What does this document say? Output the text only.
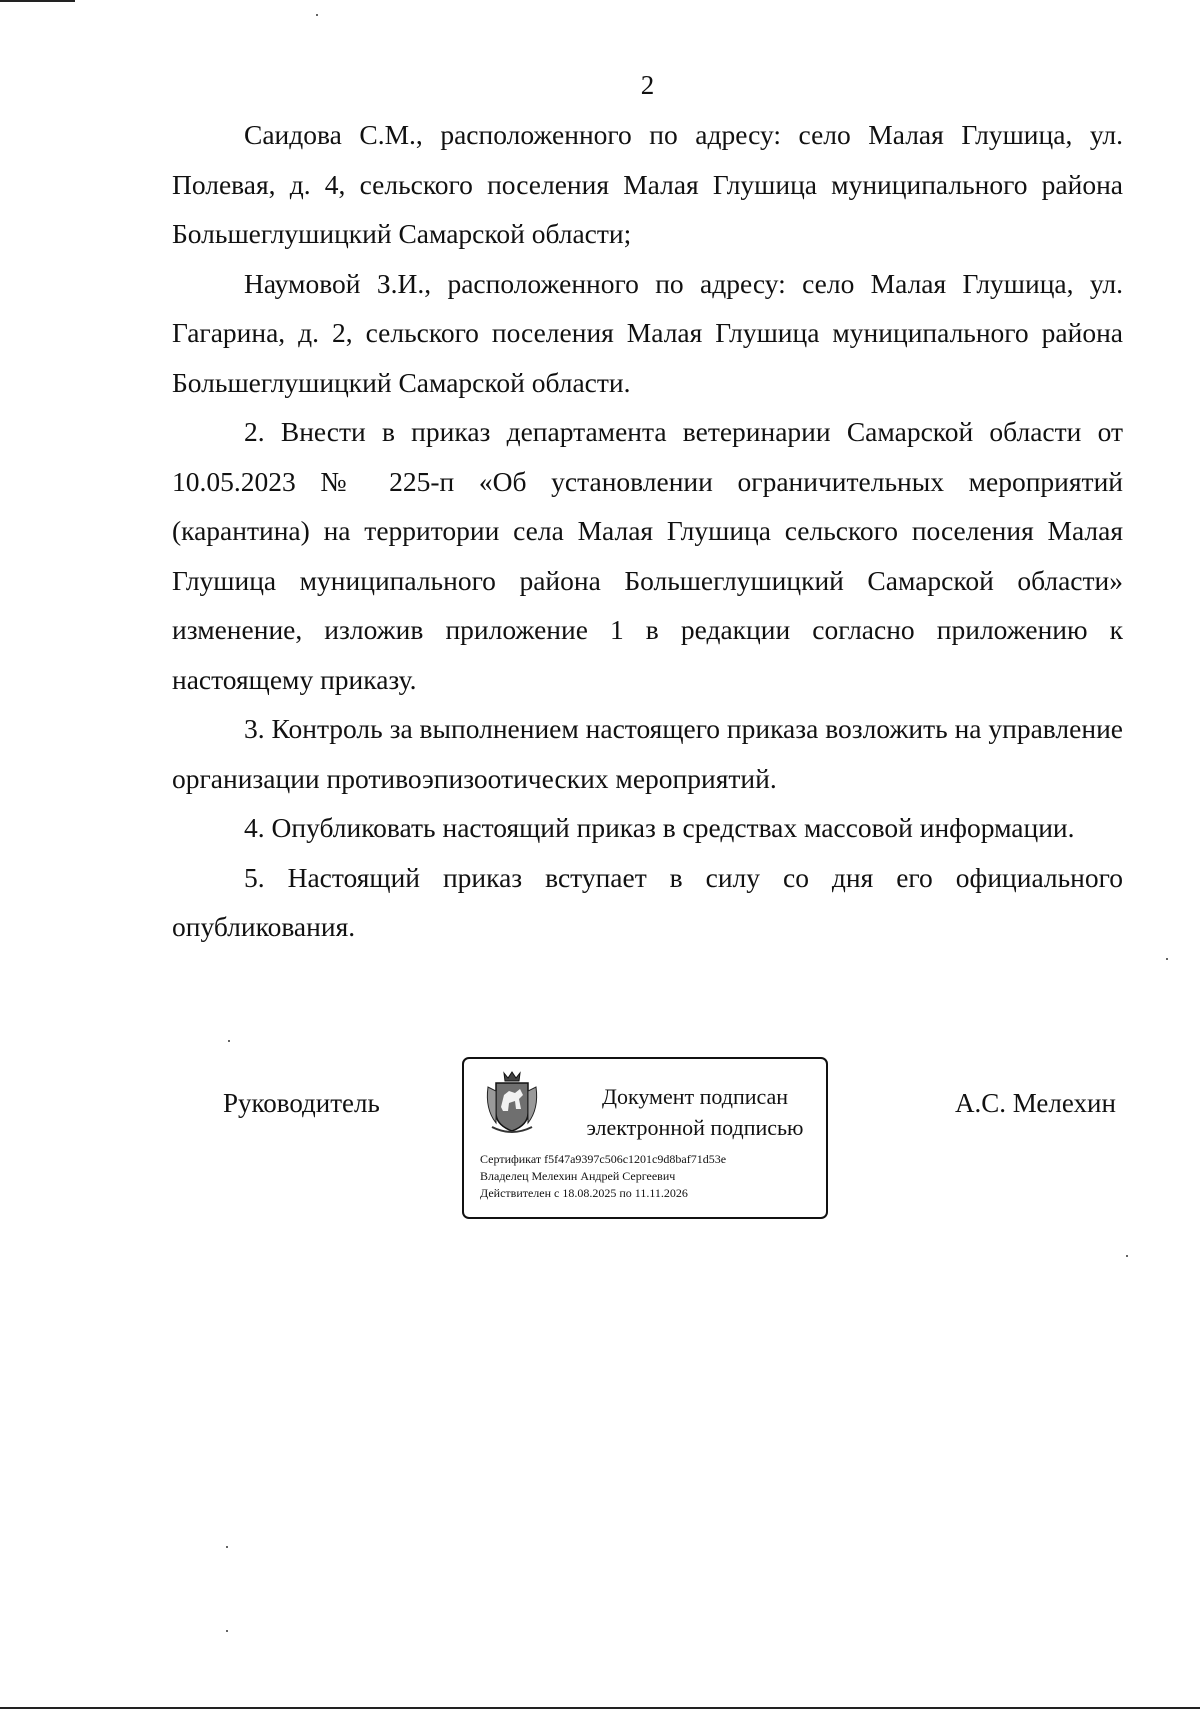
2

Саидова С.М., расположенного по адресу: село Малая Глушица, ул. Полевая, д. 4, сельского поселения Малая Глушица муниципального района Большеглушицкий Самарской области;

Наумовой З.И., расположенного по адресу: село Малая Глушица, ул. Гагарина, д. 2, сельского поселения Малая Глушица муниципального района Большеглушицкий Самарской области.

2. Внести в приказ департамента ветеринарии Самарской области от 10.05.2023 № 225-п «Об установлении ограничительных мероприятий (карантина) на территории села Малая Глушица сельского поселения Малая Глушица муниципального района Большеглушицкий Самарской области» изменение, изложив приложение 1 в редакции согласно приложению к настоящему приказу.

3. Контроль за выполнением настоящего приказа возложить на управление организации противоэпизоотических мероприятий.

4. Опубликовать настоящий приказ в средствах массовой информации.

5. Настоящий приказ вступает в силу со дня его официального опубликования.

Руководитель	Документ подписан
электронной подписью
Сертификат f5f47a9397c506c1201c9d8baf71d53e
Владелец Мелехин Андрей Сергеевич
Действителен с 18.08.2025 по 11.11.2026
А.С. Мелехин
